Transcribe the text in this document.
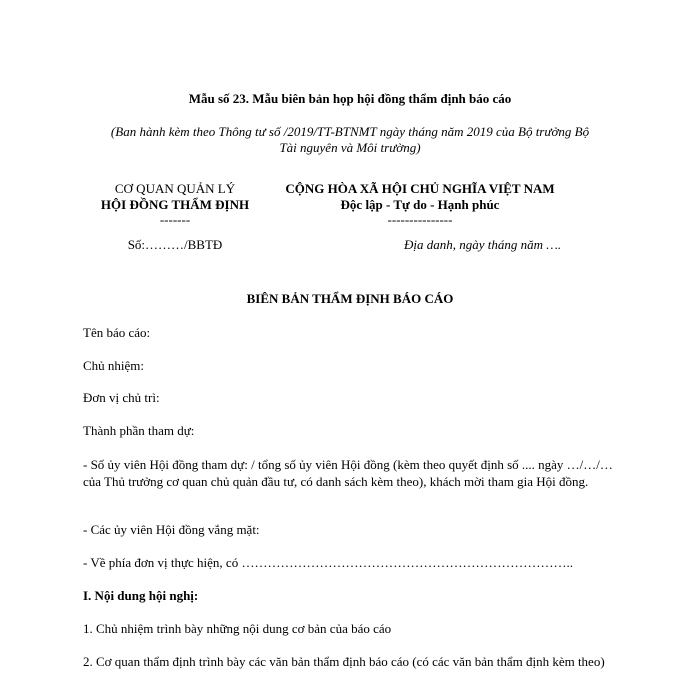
Mẫu số 23. Mẫu biên bản họp hội đồng thẩm định báo cáo
(Ban hành kèm theo Thông tư số /2019/TT-BTNMT ngày tháng năm 2019 của Bộ trưởng Bộ
Tài nguyên và Môi trường)
CƠ QUAN QUẢN LÝ
HỘI ĐỒNG THẨM ĐỊNH
-------
Số:………/BBTĐ
CỘNG HÒA XÃ HỘI CHỦ NGHĨA VIỆT NAM
Độc lập - Tự do - Hạnh phúc
---------------
Địa danh, ngày tháng năm ….
BIÊN BẢN THẨM ĐỊNH BÁO CÁO
Tên báo cáo:
Chủ nhiệm:
Đơn vị chủ trì:
Thành phần tham dự:
- Số ủy viên Hội đồng tham dự: / tổng số ủy viên Hội đồng (kèm theo quyết định số .... ngày …/…/… của Thủ trưởng cơ quan chủ quản đầu tư, có danh sách kèm theo), khách mời tham gia Hội đồng.
- Các ủy viên Hội đồng vắng mặt:
- Về phía đơn vị thực hiện, có …………………………………………………………………..
I. Nội dung hội nghị:
1. Chủ nhiệm trình bày những nội dung cơ bản của báo cáo
2. Cơ quan thẩm định trình bày các văn bản thẩm định báo cáo (có các văn bản thẩm định kèm theo)
